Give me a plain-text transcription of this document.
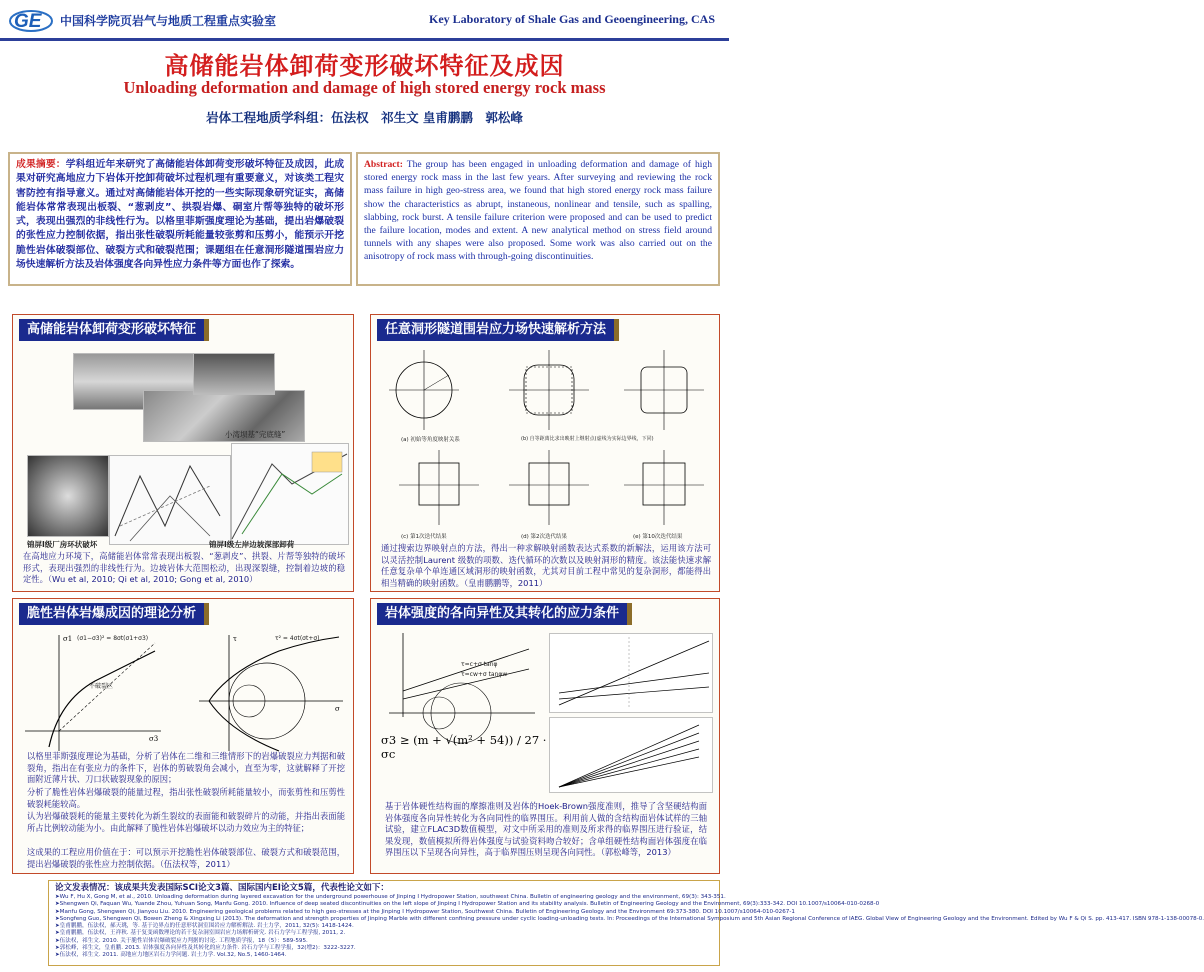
GE 中国科学院页岩气与地质工程重点实验室	Key Laboratory of Shale Gas and Geoengineering, CAS
高储能岩体卸荷变形破坏特征及成因
Unloading deformation and damage of high stored energy rock mass
岩体工程地质学科组：伍法权　祁生文 皇甫鹏鹏　郭松峰
成果摘要：学科组近年来研究了高储能岩体卸荷变形破坏特征及成因，此成果对研究高地应力下岩体开挖卸荷破坏过程机理有重要意义，对该类工程灾害防控有指导意义。通过对高储能岩体开挖的一些实际现象研究证实，高储能岩体常常表现出板裂、“葱剥皮”、拱裂岩爆、硐室片帮等独特的破坏形式，表现出强烈的非线性行为。以格里菲斯强度理论为基础，提出岩爆破裂的张性应力控制依据，指出张性破裂所耗能量较张剪和压剪小，能预示开挖脆性岩体破裂部位、破裂方式和破裂范围；课题组在任意洞形隧道围岩应力场快速解析方法及岩体强度各向异性应力条件等方面也作了探索。
Abstract: The group has been engaged in unloading deformation and damage of high stored energy rock mass in the last few years. After surveying and reviewing the rock mass failure in high geo-stress area, we found that high stored energy rock mass failure show the characteristics as abrupt, instaneous, nonlinear and tensile, such as spalling, slabbing, rock burst. A tensile failure criterion were proposed and can be used to predict the failure location, modes and extent. A new analytical method on stress field around tunnels with any shapes were also proposed. Some work was also carried out on the anisotropy of rock mass with through-going discontinuities.
高储能岩体卸荷变形破坏特征
小湾坝基“完底缝”
锦屏I级厂房环状破坏	锦屏I级左岸边坡深部卸荷
在高地应力环境下，高储能岩体常常表现出板裂、“葱剥皮”、拱裂、片帮等独特的破坏形式，表现出强烈的非线性行为。边坡岩体大范围松动，出现深裂缝，控制着边坡的稳定性。（Wu et al, 2010; Qi et al, 2010; Gong et al, 2010）
任意洞形隧道围岩应力场快速解析方法
(a) 初始等角度映射关系	(b) 自等距离比求出映射上继射点(虚线为实际边界线，下同)
(c) 第1次迭代结果	(d) 第2次迭代结果	(e) 第10次迭代结果
通过搜索边界映射点的方法，得出一种求解映射函数表达式系数的新解法，运用该方法可以灵活控制Laurent 级数的项数、迭代循环的次数以及映射洞形的精度。该法能快速求解任意复杂单个单连通区域洞形的映射函数，尤其对目前工程中常见的复杂洞形，都能得出相当精确的映射函数。（皇甫鹏鹏等，2011）
脆性岩体岩爆成因的理论分析
σ1
σ3
(σ1−σ3)² = 8σt(σ1+σ3)
不破裂区
τ
σ
τ² = 4σt(σt+σ)
以格里菲斯强度理论为基础，分析了岩体在二维和三维情形下的岩爆破裂应力判据和破裂角，指出在有张应力的条件下，岩体的剪破裂角会减小，直至为零，这就解释了开挖面附近薄片状、刀口状破裂现象的原因；
分析了脆性岩体岩爆破裂的能量过程，指出张性破裂所耗能量较小，而张剪性和压剪性破裂耗能较高。
认为岩爆破裂耗的能量主要转化为新生裂纹的表面能和破裂碎片的动能，并指出表面能所占比例较动能为小。由此解释了脆性岩体岩爆破坏以动力效应为主的特征；
这成果的工程应用价值在于：可以预示开挖脆性岩体破裂部位、破裂方式和破裂范围，提出岩爆破裂的张性应力控制依据。（伍法权等，2011）
岩体强度的各向异性及其转化的应力条件
τ=c+σ tanφ
τ=cw+σ tanφw
σ3 ≥ (m + √(m² + 54)) / 27 · σc
基于岩体硬性结构面的摩擦准则及岩体的Hoek-Brown强度准则，推导了含坚硬结构面岩体强度各向异性转化为各向同性的临界围压。利用前人做的含结构面岩体试样的三轴试验，建立FLAC3D数值模型，对文中所采用的准则及所求得的临界围压进行验证，结果发现，数值模拟所得岩体强度与试验资料吻合较好；含单组硬性结构面岩体强度在临界围压以下呈现各向异性，高于临界围压则呈现各向同性。（郭松峰等，2013）
论文发表情况：该成果共发表国际SCI论文3篇、国际国内EI论文5篇，代表性论文如下：
➤Wu F, Hu X, Gong M, et al., 2010. Unloading deformation during layered excavation for the underground powerhouse of Jinping I Hydropower Station, southwest China. Bulletin of engineering geology and the environment, 69(3): 343-351.
➤Shengwen Qi, Faquan Wu, Yuande Zhou, Yuhuan Song, Manfu Gong. 2010. Influence of deep seated discontinuities on the left slope of Jinping I Hydropower Station and its stability analysis. Bulletin of Engineering Geology and the Environment, 69(3):333-342. DOI 10.1007/s10064-010-0268-0
➤Manfu Gong, Shengwen Qi, Jianyou Liu. 2010. Engineering geological problems related to high geo-stresses at the Jinping I Hydropower Station, Southwest China. Bulletin of Engineering Geology and the Environment 69:373-380. DOI 10.1007/s10064-010-0267-1
➤Songfeng Guo, Shengwen Qi, Bowen Zheng & Xingxing Li (2013). The deformation and strength properties of Jinping Marble with different confining pressure under cyclic loading-unloading tests. In: Proceedings of the International Symposium and 5th Asian Regional Conference of IAEG. Global View of Engineering Geology and the Environment. Edited by Wu F & Qi S. pp. 413-417. ISBN 978-1-138-00078-0.
➤皇甫鹏鹏，伍法权，郝天珧，等. 基于边界点的任意形状洞室围岩应力解析解法. 岩土力学，2011, 32(5): 1418-1424.
➤皇甫鹏鹏，伍法权，王祥秋. 基于复变函数理论的若干复杂洞室围岩应力场解析研究. 岩石力学与工程学报, 2011, 2.
➤伍法权，祁生文. 2010. 关于脆性岩体岩爆破裂应力判据的讨论. 工程地质学报，18（5）：589-595.
➤郭松峰，祁生文，皇甫鹏. 2013. 岩体强度各向异性及其转化的应力条件. 岩石力学与工程学报，32(增2)：3222-3227.
➤伍法权，祁生文. 2011. 高地应力地区岩石力学问题. 岩土力学. Vol.32, No.5, 1460-1464.
